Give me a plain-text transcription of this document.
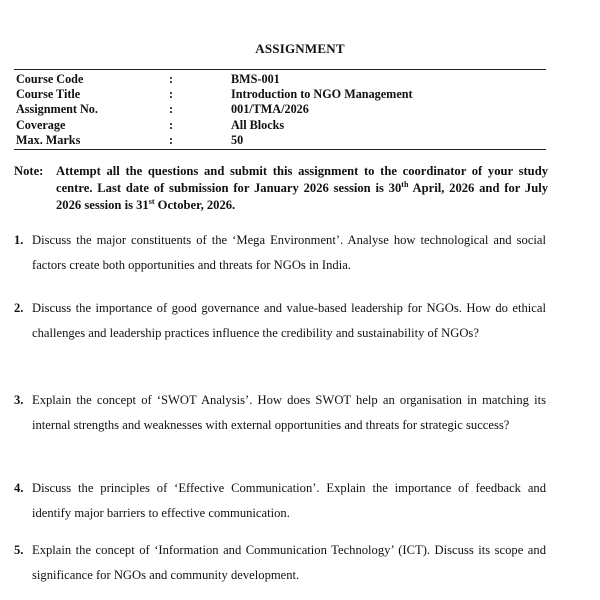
ASSIGNMENT
Course Code	:	BMS-001
Course Title	:	Introduction to NGO Management
Assignment No.	:	001/TMA/2026
Coverage	:	All Blocks
Max. Marks	:	50
Note: Attempt all the questions and submit this assignment to the coordinator of your study centre. Last date of submission for January 2026 session is 30th April, 2026 and for July 2026 session is 31st October, 2026.
1. Discuss the major constituents of the ‘Mega Environment’. Analyse how technological and social factors create both opportunities and threats for NGOs in India.
2. Discuss the importance of good governance and value-based leadership for NGOs. How do ethical challenges and leadership practices influence the credibility and sustainability of NGOs?
3. Explain the concept of ‘SWOT Analysis’. How does SWOT help an organisation in matching its internal strengths and weaknesses with external opportunities and threats for strategic success?
4. Discuss the principles of ‘Effective Communication’. Explain the importance of feedback and identify major barriers to effective communication.
5. Explain the concept of ‘Information and Communication Technology’ (ICT). Discuss its scope and significance for NGOs and community development.
